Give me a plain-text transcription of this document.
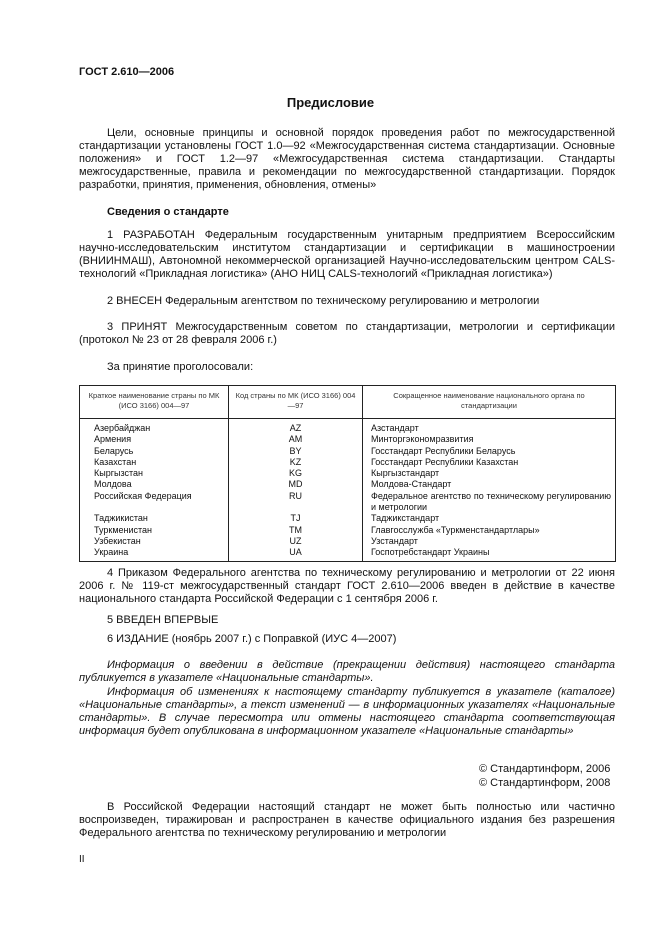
ГОСТ 2.610—2006
Предисловие
Цели, основные принципы и основной порядок проведения работ по межгосударственной стандартизации установлены ГОСТ 1.0—92 «Межгосударственная система стандартизации. Основные положения» и ГОСТ 1.2—97 «Межгосударственная система стандартизации. Стандарты межгосударственные, правила и рекомендации по межгосударственной стандартизации. Порядок разработки, принятия, применения, обновления, отмены»
Сведения о стандарте
1 РАЗРАБОТАН Федеральным государственным унитарным предприятием Всероссийским научно-исследовательским институтом стандартизации и сертификации в машиностроении (ВНИИНМАШ), Автономной некоммерческой организацией Научно-исследовательским центром CALS-технологий «Прикладная логистика» (АНО НИЦ CALS-технологий «Прикладная логистика»)
2 ВНЕСЕН Федеральным агентством по техническому регулированию и метрологии
3 ПРИНЯТ Межгосударственным советом по стандартизации, метрологии и сертификации (протокол № 23 от 28 февраля 2006 г.)
За принятие проголосовали:
Краткое наименование страны по МК (ИСО 3166) 004—97	Код страны по МК (ИСО 3166) 004—97	Сокращенное наименование национального органа по стандартизации
Азербайджан	AZ	Азстандарт
Армения	AM	Минторгэкономразвития
Беларусь	BY	Госстандарт Республики Беларусь
Казахстан	KZ	Госстандарт Республики Казахстан
Кыргызстан	KG	Кыргызстандарт
Молдова	MD	Молдова-Стандарт
Российская Федерация	RU	Федеральное агентство по техническому регулированию и метрологии
Таджикистан	TJ	Таджикстандарт
Туркменистан	TM	Главгосслужба «Туркменстандартлары»
Узбекистан	UZ	Узстандарт
Украина	UA	Госпотребстандарт Украины
4 Приказом Федерального агентства по техническому регулированию и метрологии от 22 июня 2006 г. № 119-ст межгосударственный стандарт ГОСТ 2.610—2006 введен в действие в качестве национального стандарта Российской Федерации с 1 сентября 2006 г.
5 ВВЕДЕН ВПЕРВЫЕ
6 ИЗДАНИЕ (ноябрь 2007 г.) с Поправкой (ИУС 4—2007)
Информация о введении в действие (прекращении действия) настоящего стандарта публикуется в указателе «Национальные стандарты».
Информация об изменениях к настоящему стандарту публикуется в указателе (каталоге) «Национальные стандарты», а текст изменений — в информационных указателях «Национальные стандарты». В случае пересмотра или отмены настоящего стандарта соответствующая информация будет опубликована в информационном указателе «Национальные стандарты»
© Стандартинформ, 2006
© Стандартинформ, 2008
В Российской Федерации настоящий стандарт не может быть полностью или частично воспроизведен, тиражирован и распространен в качестве официального издания без разрешения Федерального агентства по техническому регулированию и метрологии
II
